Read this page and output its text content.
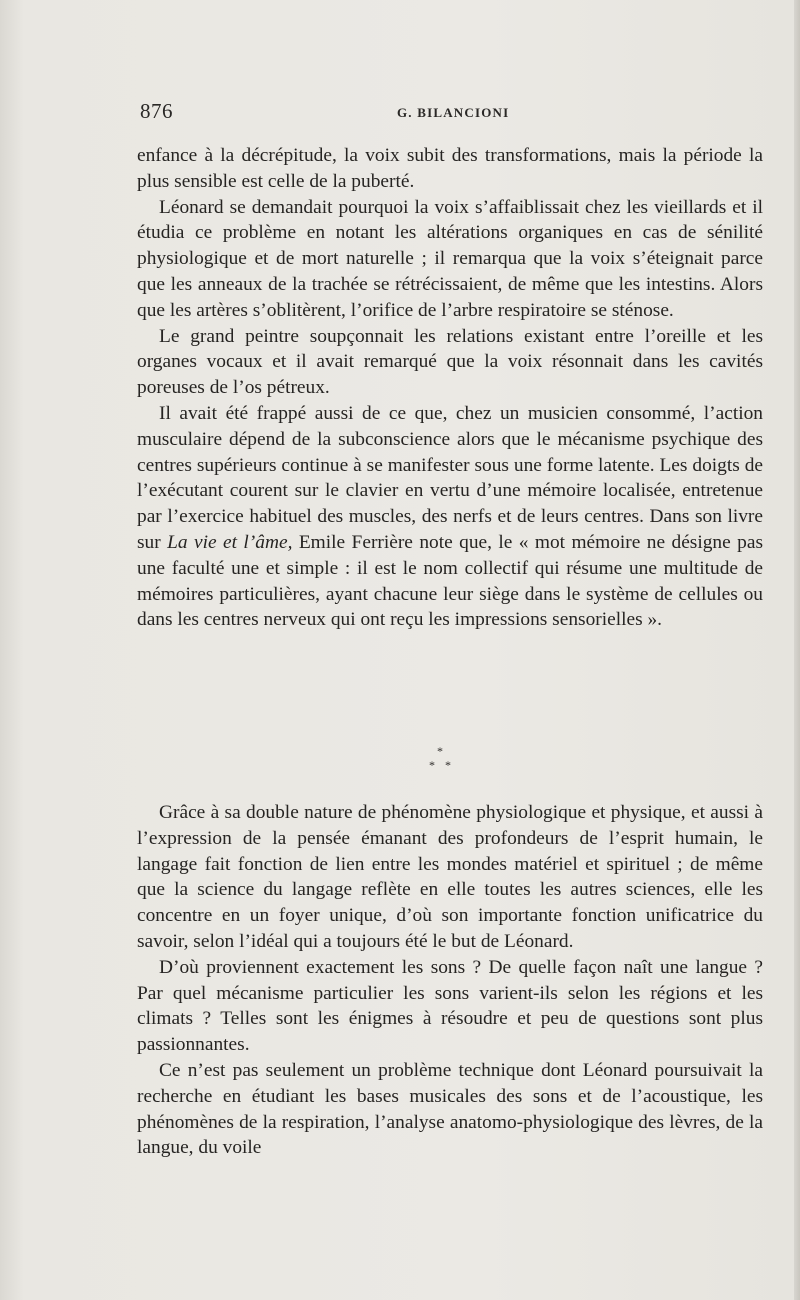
876	G. BILANCIONI

enfance à la décrépitude, la voix subit des transformations, mais la période la plus sensible est celle de la puberté.

Léonard se demandait pourquoi la voix s’affaiblissait chez les vieillards et il étudia ce problème en notant les altérations organiques en cas de sénilité physiologique et de mort naturelle ; il remarqua que la voix s’éteignait parce que les anneaux de la trachée se rétrécissaient, de même que les intestins. Alors que les artères s’oblitèrent, l’orifice de l’arbre respiratoire se sténose.

Le grand peintre soupçonnait les relations existant entre l’oreille et les organes vocaux et il avait remarqué que la voix résonnait dans les cavités poreuses de l’os pétreux.

Il avait été frappé aussi de ce que, chez un musicien consommé, l’action musculaire dépend de la subconscience alors que le mécanisme psychique des centres supérieurs continue à se manifester sous une forme latente. Les doigts de l’exécutant courent sur le clavier en vertu d’une mémoire localisée, entretenue par l’exercice habituel des muscles, des nerfs et de leurs centres. Dans son livre sur La vie et l’âme, Emile Ferrière note que, le « mot mémoire ne désigne pas une faculté une et simple : il est le nom collectif qui résume une multitude de mémoires particulières, ayant chacune leur siège dans le système de cellules ou dans les centres nerveux qui ont reçu les impressions sensorielles ».

*
* *

Grâce à sa double nature de phénomène physiologique et physique, et aussi à l’expression de la pensée émanant des profondeurs de l’esprit humain, le langage fait fonction de lien entre les mondes matériel et spirituel ; de même que la science du langage reflète en elle toutes les autres sciences, elle les concentre en un foyer unique, d’où son importante fonction unificatrice du savoir, selon l’idéal qui a toujours été le but de Léonard.

D’où proviennent exactement les sons ? De quelle façon naît une langue ? Par quel mécanisme particulier les sons varient-ils selon les régions et les climats ? Telles sont les énigmes à résoudre et peu de questions sont plus passionnantes.

Ce n’est pas seulement un problème technique dont Léonard poursuivait la recherche en étudiant les bases musicales des sons et de l’acoustique, les phénomènes de la respiration, l’analyse anatomo-physiologique des lèvres, de la langue, du voile
